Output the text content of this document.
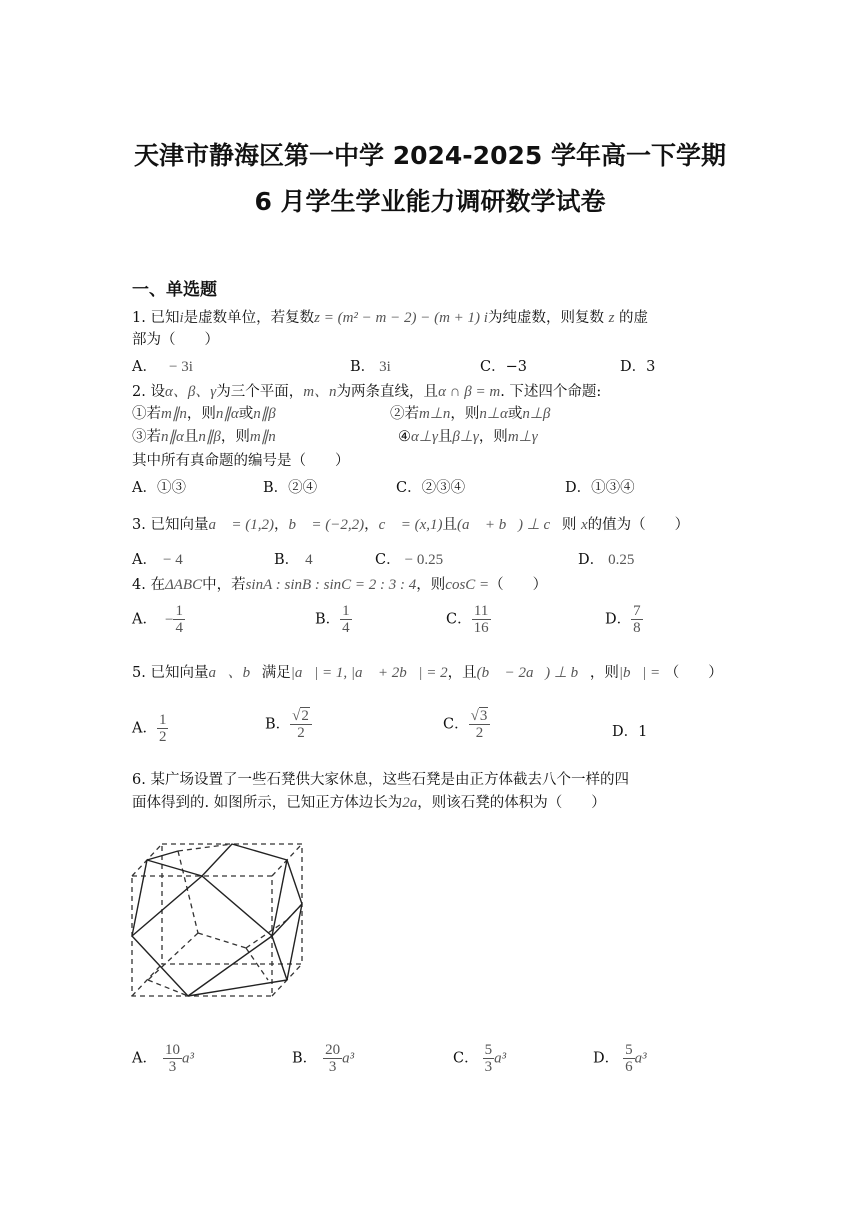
天津市静海区第一中学 2024-2025 学年高一下学期
6 月学生学业能力调研数学试卷
一、单选题
1. 已知i是虚数单位，若复数z = (m² − m − 2) − (m + 1) i为纯虚数，则复数 z 的虚
部为（　　）
A． − 3i	B． 3i	C．−3	D．3
2. 设α、β、γ为三个平面，m、n为两条直线，且α ∩ β = m. 下述四个命题:
①若m∥n，则n∥α或n∥β	②若m⊥n，则n⊥α或n⊥β
③若n∥α且n∥β，则m∥n	④α⊥γ且β⊥γ，则m⊥γ
其中所有真命题的编号是（　　）
A．①③	B．②④	C．②③④	D．①③④
3. 已知向量a⃗ = (1,2)，b⃗ = (−2,2)，c⃗ = (x,1)且(a⃗ + b⃗) ⊥ c⃗则 x的值为（　　）
A． − 4	B． 4	C． − 0.25	D． 0.25
4. 在ΔABC中，若sinA : sinB : sinC = 2 : 3 : 4，则cosC =（　　）
A． − $\frac{1}{4}$	B． $\frac{1}{4}$	C． $\frac{11}{16}$	D． $\frac{7}{8}$
5. 已知向量a⃗、b⃗满足|a⃗| = 1, |a⃗ + 2b⃗| = 2，且(b⃗ − 2a⃗) ⊥ b⃗，则|b⃗| = （　　）
A． $\frac{1}{2}$	B． $\frac{√2}{2}$	C． $\frac{√3}{2}$	D．1
6. 某广场设置了一些石凳供大家休息，这些石凳是由正方体截去八个一样的四
面体得到的. 如图所示，已知正方体边长为2a，则该石凳的体积为（　　）
A． $\frac{10}{3} a^3$	B． $\frac{20}{3} a^3$	C． $\frac{5}{3} a^3$	D． $\frac{5}{6} a^3$
